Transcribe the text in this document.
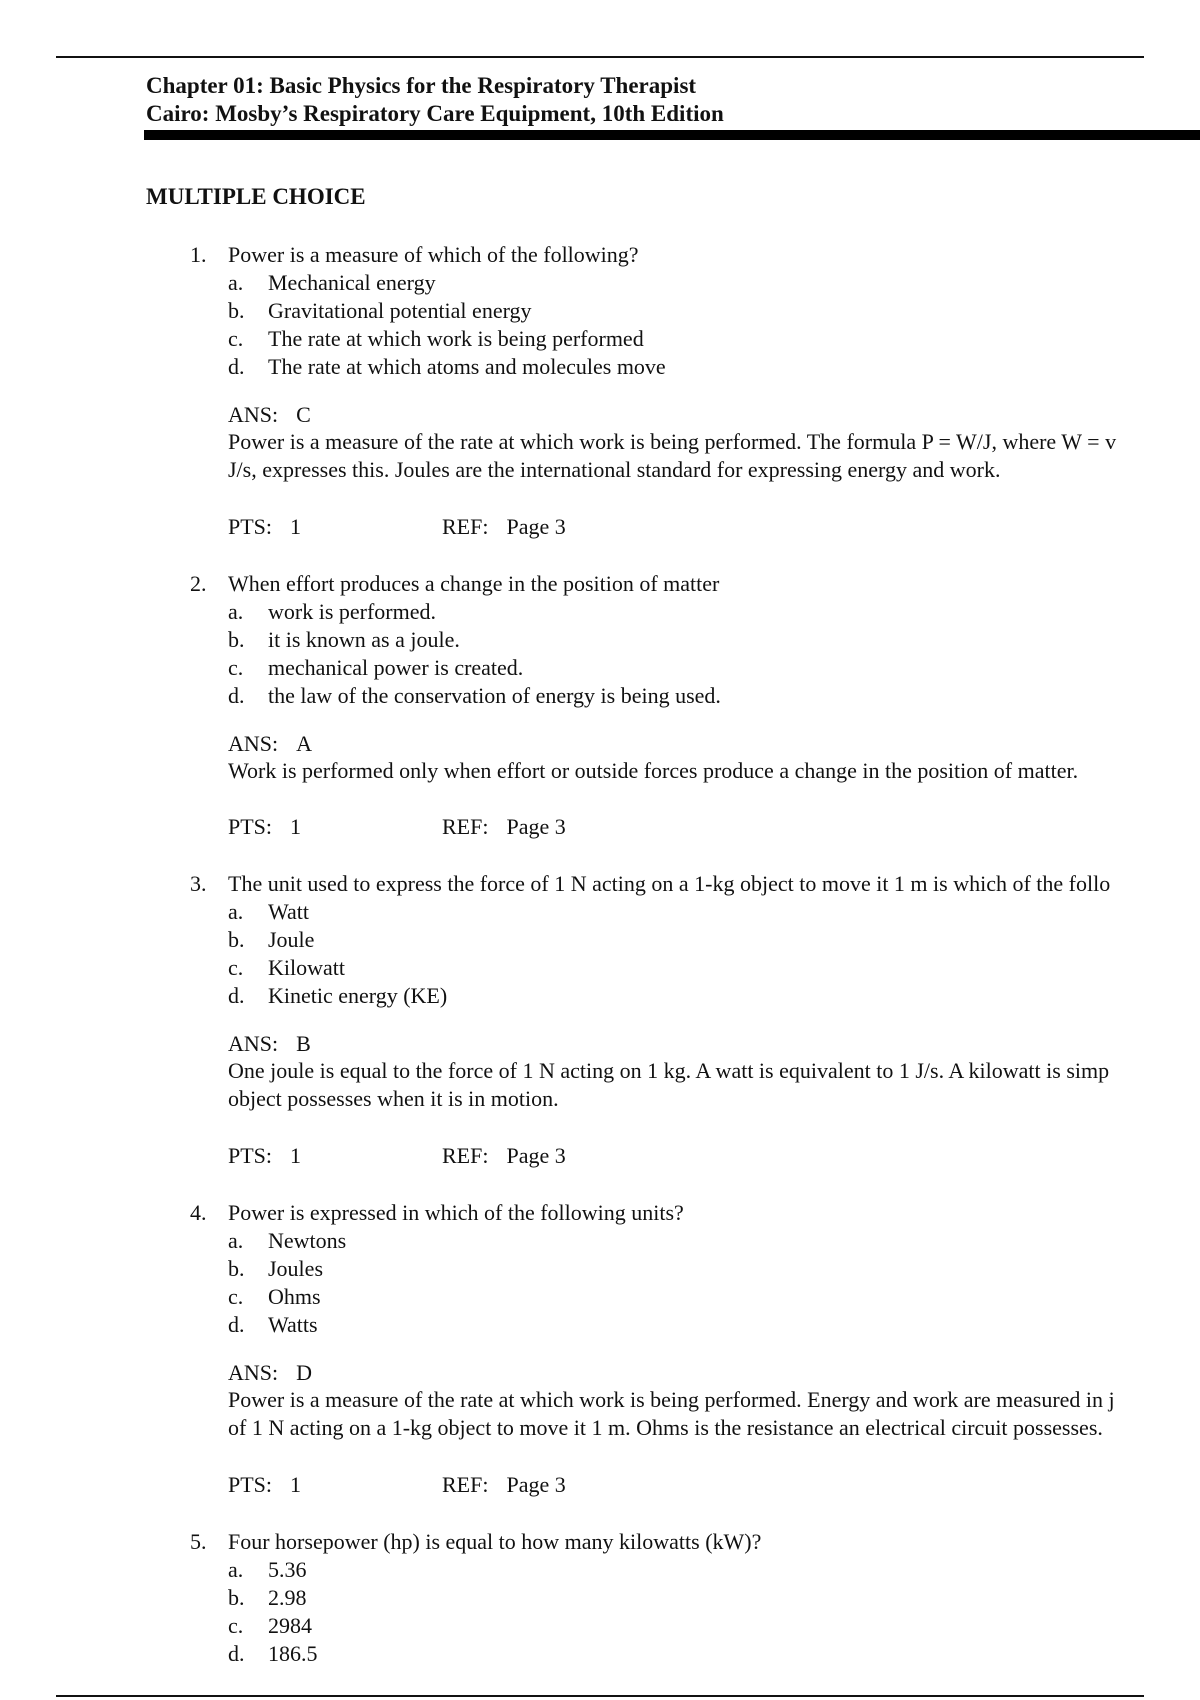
Chapter 01: Basic Physics for the Respiratory Therapist
Cairo: Mosby’s Respiratory Care Equipment, 10th Edition
MULTIPLE CHOICE
1. Power is a measure of which of the following?
a. Mechanical energy
b. Gravitational potential energy
c. The rate at which work is being performed
d. The rate at which atoms and molecules move
ANS: C
Power is a measure of the rate at which work is being performed. The formula P = W/J, where W = v
J/s, expresses this. Joules are the international standard for expressing energy and work.
PTS: 1	REF: Page 3
2. When effort produces a change in the position of matter
a. work is performed.
b. it is known as a joule.
c. mechanical power is created.
d. the law of the conservation of energy is being used.
ANS: A
Work is performed only when effort or outside forces produce a change in the position of matter.
PTS: 1	REF: Page 3
3. The unit used to express the force of 1 N acting on a 1-kg object to move it 1 m is which of the follo
a. Watt
b. Joule
c. Kilowatt
d. Kinetic energy (KE)
ANS: B
One joule is equal to the force of 1 N acting on 1 kg. A watt is equivalent to 1 J/s. A kilowatt is simp
object possesses when it is in motion.
PTS: 1	REF: Page 3
4. Power is expressed in which of the following units?
a. Newtons
b. Joules
c. Ohms
d. Watts
ANS: D
Power is a measure of the rate at which work is being performed. Energy and work are measured in j
of 1 N acting on a 1-kg object to move it 1 m. Ohms is the resistance an electrical circuit possesses.
PTS: 1	REF: Page 3
5. Four horsepower (hp) is equal to how many kilowatts (kW)?
a. 5.36
b. 2.98
c. 2984
d. 186.5
